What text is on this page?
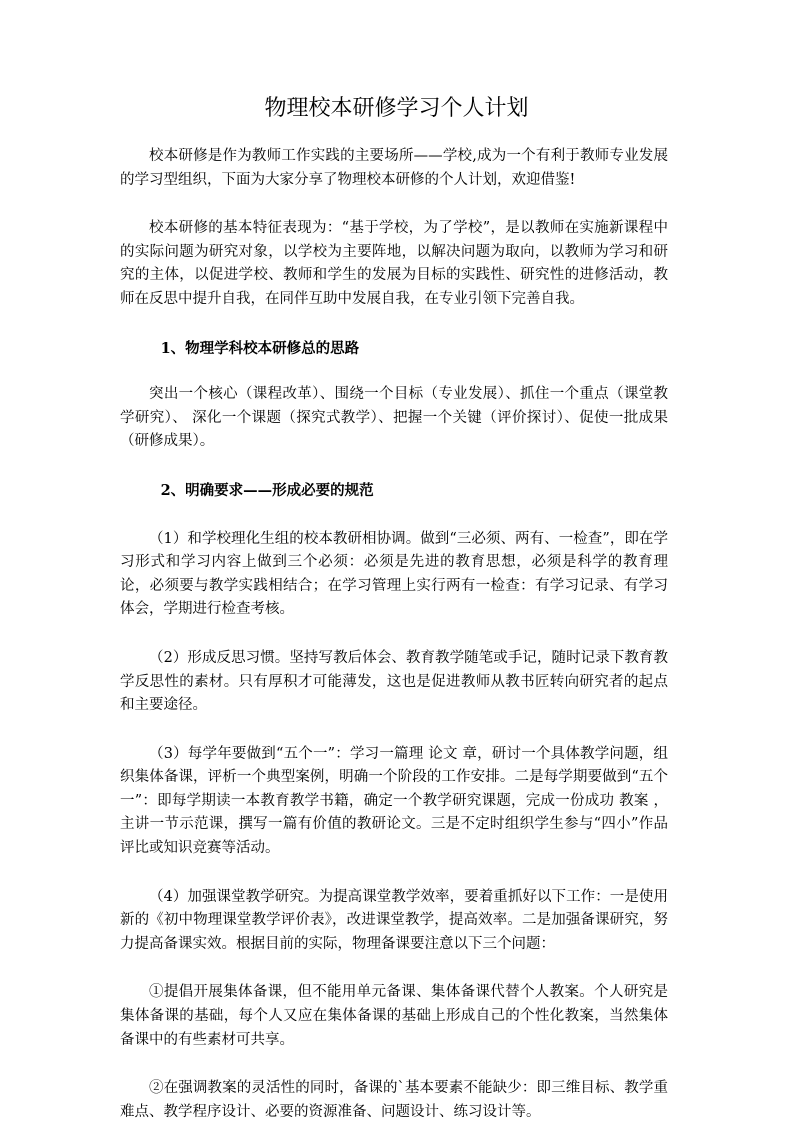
物理校本研修学习个人计划

校本研修是作为教师工作实践的主要场所——学校,成为一个有利于教师专业发展的学习型组织，下面为大家分享了物理校本研修的个人计划，欢迎借鉴!

校本研修的基本特征表现为：“基于学校，为了学校”，是以教师在实施新课程中的实际问题为研究对象，以学校为主要阵地，以解决问题为取向，以教师为学习和研究的主体，以促进学校、教师和学生的发展为目标的实践性、研究性的进修活动，教师在反思中提升自我，在同伴互助中发展自我，在专业引领下完善自我。

1、物理学科校本研修总的思路

突出一个核心（课程改革）、围绕一个目标（专业发展）、抓住一个重点（课堂教学研究）、 深化一个课题（探究式教学）、把握一个关键（评价探讨）、促使一批成果（研修成果）。

2、明确要求——形成必要的规范

（1）和学校理化生组的校本教研相协调。做到“三必须、两有、一检查”，即在学习形式和学习内容上做到三个必须：必须是先进的教育思想，必须是科学的教育理论，必须要与教学实践相结合；在学习管理上实行两有一检查：有学习记录、有学习体会，学期进行检查考核。

（2）形成反思习惯。坚持写教后体会、教育教学随笔或手记，随时记录下教育教学反思性的素材。只有厚积才可能薄发，这也是促进教师从教书匠转向研究者的起点和主要途径。

（3）每学年要做到“五个一”：学习一篇理 论文 章，研讨一个具体教学问题，组织集体备课，评析一个典型案例，明确一个阶段的工作安排。二是每学期要做到“五个一”：即每学期读一本教育教学书籍，确定一个教学研究课题，完成一份成功 教案 ，主讲一节示范课，撰写一篇有价值的教研论文。三是不定时组织学生参与“四小”作品评比或知识竞赛等活动。

（4）加强课堂教学研究。为提高课堂教学效率，要着重抓好以下工作：一是使用新的《初中物理课堂教学评价表》，改进课堂教学，提高效率。二是加强备课研究，努力提高备课实效。根据目前的实际，物理备课要注意以下三个问题：

①提倡开展集体备课，但不能用单元备课、集体备课代替个人教案。个人研究是集体备课的基础，每个人又应在集体备课的基础上形成自己的个性化教案，当然集体备课中的有些素材可共享。

②在强调教案的灵活性的同时，备课的`基本要素不能缺少：即三维目标、教学重难点、教学程序设计、必要的资源准备、问题设计、练习设计等。
